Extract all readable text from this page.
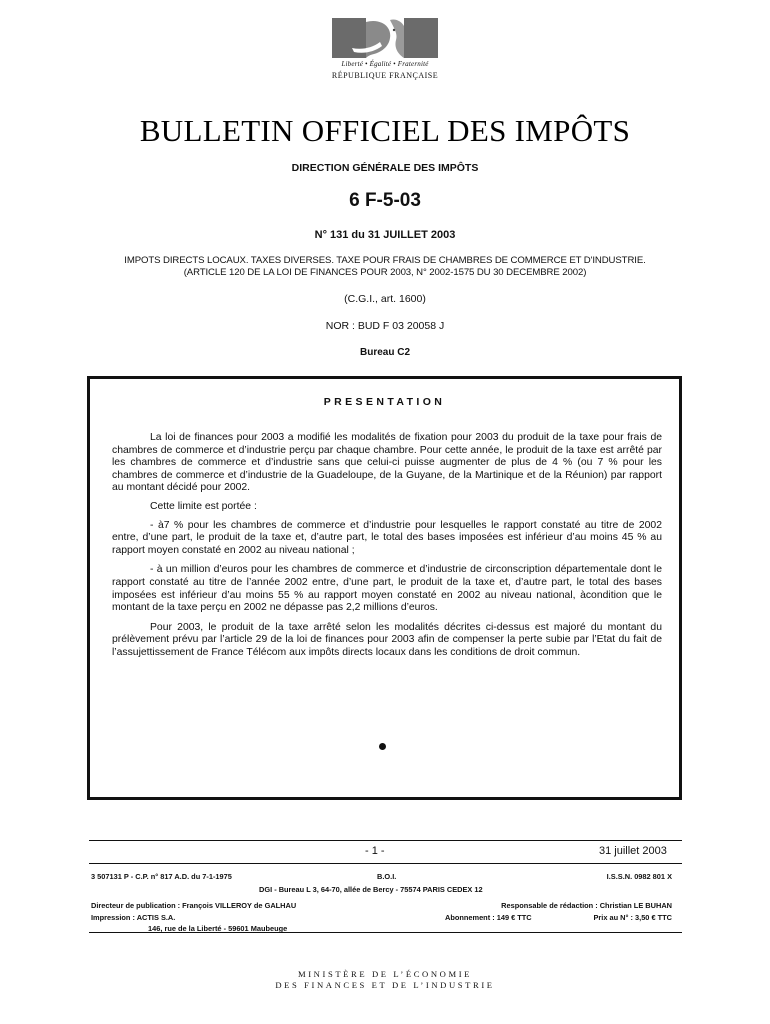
Liberté • Égalité • Fraternité
RÉPUBLIQUE FRANÇAISE
BULLETIN OFFICIEL DES IMPÔTS
DIRECTION GÉNÉRALE DES IMPÔTS
6 F-5-03
N° 131 du 31 JUILLET 2003
IMPOTS DIRECTS LOCAUX. TAXES DIVERSES. TAXE POUR FRAIS DE CHAMBRES DE COMMERCE ET D'INDUSTRIE.
(ARTICLE 120 DE LA LOI DE FINANCES POUR 2003, N° 2002-1575 DU 30 DECEMBRE 2002)
(C.G.I., art. 1600)
NOR : BUD F 03 20058 J
Bureau C2
PRESENTATION

La loi de finances pour 2003 a modifié les modalités de fixation pour 2003 du produit de la taxe pour frais de chambres de commerce et d’industrie perçu par chaque chambre. Pour cette année, le produit de la taxe est arrêté par les chambres de commerce et d’industrie sans que celui-ci puisse augmenter de plus de 4 % (ou 7 % pour les chambres de commerce et d’industrie de la Guadeloupe, de la Guyane, de la Martinique et de la Réunion) par rapport au montant décidé pour 2002.

Cette limite est portée :

- à7 % pour les chambres de commerce et d’industrie pour lesquelles le rapport constaté au titre de 2002 entre, d’une part, le produit de la taxe et, d’autre part, le total des bases imposées est inférieur d’au moins 45 % au rapport moyen constaté en 2002 au niveau national ;

- à un million d’euros pour les chambres de commerce et d’industrie de circonscription départementale dont le rapport constaté au titre de l’année 2002 entre, d’une part, le produit de la taxe et, d’autre part, le total des bases imposées est inférieur d’au moins 55 % au rapport moyen constaté en 2002 au niveau national, àcondition que le montant de la taxe perçu en 2002 ne dépasse pas 2,2 millions d’euros.

Pour 2003, le produit de la taxe arrêté selon les modalités décrites ci-dessus est majoré du montant du prélèvement prévu par l’article 29 de la loi de finances pour 2003 afin de compenser la perte subie par l’Etat du fait de l’assujettissement de France Télécom aux impôts directs locaux dans les conditions de droit commun.

- 1 -	31 juillet 2003
3 507131 P - C.P. n° 817 A.D. du 7-1-1975	B.O.I.	I.S.S.N. 0982 801 X
DGI - Bureau L 3, 64-70, allée de Bercy - 75574 PARIS CEDEX 12
Directeur de publication : François VILLEROY de GALHAU	Responsable de rédaction : Christian LE BUHAN
Impression : ACTIS S.A.	Abonnement : 149 € TTC	Prix au N° : 3,50 € TTC
146, rue de la Liberté - 59601 Maubeuge
MINISTÈRE DE L’ÉCONOMIE
DES FINANCES ET DE L’INDUSTRIE
